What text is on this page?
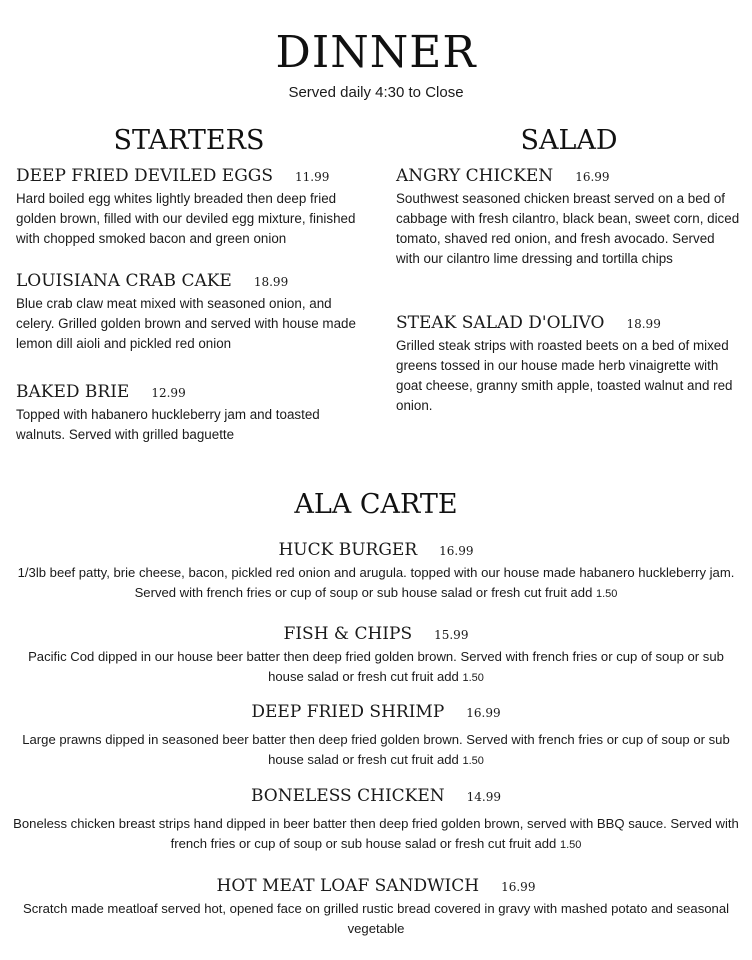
DINNER
Served daily 4:30 to Close
STARTERS
DEEP FRIED DEVILED EGGS 11.99
Hard boiled egg whites lightly breaded then deep fried golden brown, filled with our deviled egg mixture, finished with chopped smoked bacon and green onion
LOUISIANA CRAB CAKE 18.99
Blue crab claw meat mixed with seasoned onion, and celery. Grilled golden brown and served with house made lemon dill aioli and pickled red onion
BAKED BRIE 12.99
Topped with habanero huckleberry jam and toasted walnuts. Served with grilled baguette
SALAD
ANGRY CHICKEN 16.99
Southwest seasoned chicken breast served on a bed of cabbage with fresh cilantro, black bean, sweet corn, diced tomato, shaved red onion, and fresh avocado. Served with our cilantro lime dressing and tortilla chips
STEAK SALAD D'OLIVO 18.99
Grilled steak strips with roasted beets on a bed of mixed greens tossed in our house made herb vinaigrette with goat cheese, granny smith apple, toasted walnut and red onion.
ALA CARTE
HUCK BURGER 16.99
1/3lb beef patty, brie cheese, bacon, pickled red onion and arugula. topped with our house made habanero huckleberry jam. Served with french fries or cup of soup or sub house salad or fresh cut fruit add 1.50
FISH & CHIPS 15.99
Pacific Cod dipped in our house beer batter then deep fried golden brown. Served with french fries or cup of soup or sub house salad or fresh cut fruit add 1.50
DEEP FRIED SHRIMP 16.99
Large prawns dipped in seasoned beer batter then deep fried golden brown. Served with french fries or cup of soup or sub house salad or fresh cut fruit add 1.50
BONELESS CHICKEN 14.99
Boneless chicken breast strips hand dipped in beer batter then deep fried golden brown, served with BBQ sauce. Served with french fries or cup of soup or sub house salad or fresh cut fruit add 1.50
HOT MEAT LOAF SANDWICH 16.99
Scratch made meatloaf served hot, opened face on grilled rustic bread covered in gravy with mashed potato and seasonal vegetable
